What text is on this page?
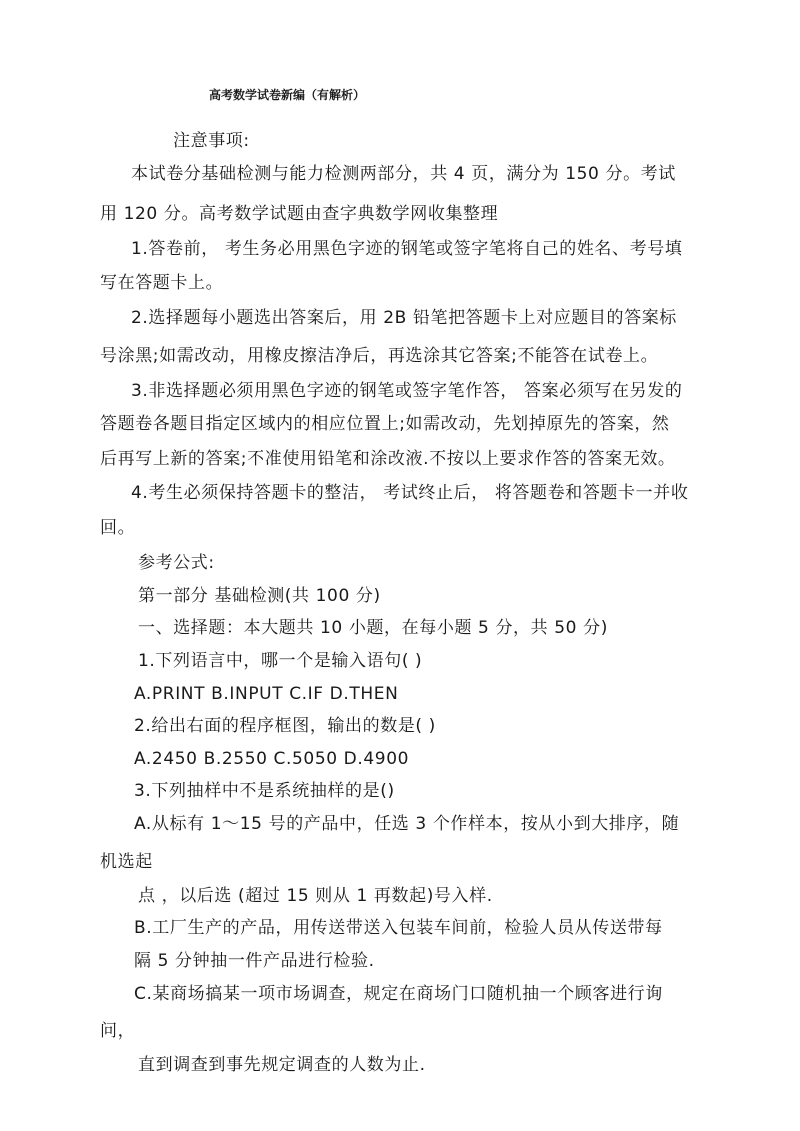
高考数学试卷新编（有解析）
注意事项:
本试卷分基础检测与能力检测两部分，共 4 页，满分为 150 分。考试
用 120 分。高考数学试题由查字典数学网收集整理
1.答卷前， 考生务必用黑色字迹的钢笔或签字笔将自己的姓名、考号填
写在答题卡上。
2.选择题每小题选出答案后，用 2B 铅笔把答题卡上对应题目的答案标
号涂黑;如需改动，用橡皮擦洁净后，再选涂其它答案;不能答在试卷上。
3.非选择题必须用黑色字迹的钢笔或签字笔作答， 答案必须写在另发的
答题卷各题目指定区域内的相应位置上;如需改动，先划掉原先的答案，然
后再写上新的答案;不准使用铅笔和涂改液.不按以上要求作答的答案无效。
4.考生必须保持答题卡的整洁， 考试终止后， 将答题卷和答题卡一并收
回。
参考公式:
第一部分 基础检测(共 100 分)
一、选择题：本大题共 10 小题，在每小题 5 分，共 50 分)
1.下列语言中，哪一个是输入语句( )
A.PRINT B.INPUT C.IF D.THEN
2.给出右面的程序框图，输出的数是( )
A.2450 B.2550 C.5050 D.4900
3.下列抽样中不是系统抽样的是()
A.从标有 1～15 号的产品中，任选 3 个作样本，按从小到大排序，随
机选起
点 ，以后选 (超过 15 则从 1 再数起)号入样.
B.工厂生产的产品，用传送带送入包装车间前，检验人员从传送带每
隔 5 分钟抽一件产品进行检验.
C.某商场搞某一项市场调查，规定在商场门口随机抽一个顾客进行询
问，
直到调查到事先规定调查的人数为止.
